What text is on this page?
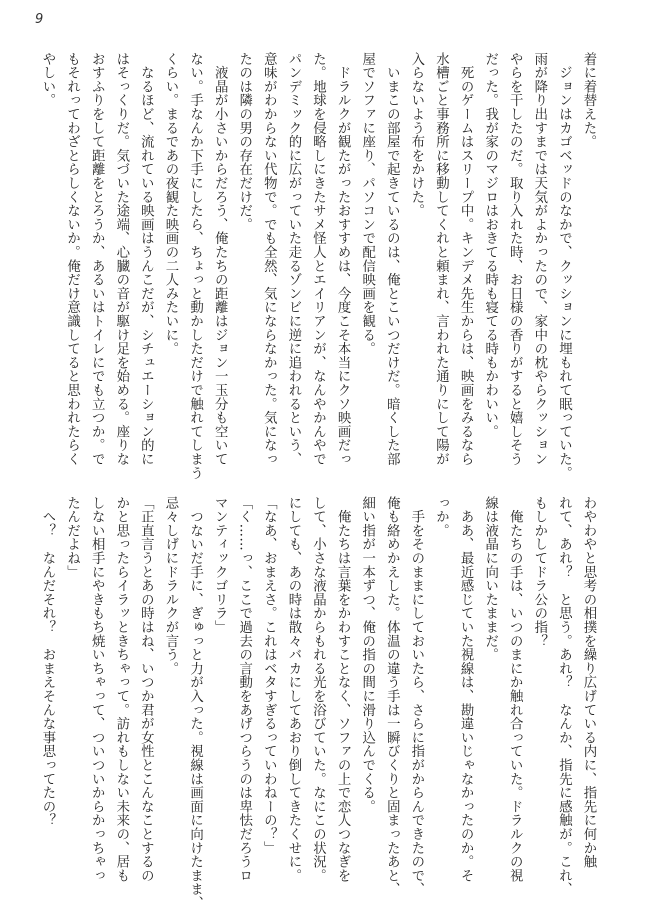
9
着に着替えた。
　ジョンはカゴベッドのなかで、クッションに埋もれて眠っていた。
雨が降り出すまでは天気がよかったので、家中の枕やらクッション
やらを干したのだ。取り入れた時、お日様の香りがすると嬉しそう
だった。我が家のマジロはおきてる時も寝てる時もかわいい。
　死のゲームはスリープ中。キンデメ先生からは、映画をみるなら
水槽ごと事務所に移動してくれと頼まれ、言われた通りにして陽が
入らないよう布をかけた。
　いまこの部屋で起きているのは、俺とこいつだけだ。暗くした部
屋でソファに座り、パソコンで配信映画を観る。
　ドラルクが観たがったおすすめは、今度こそ本当にクソ映画だっ
た。地球を侵略しにきたサメ怪人とエイリアンが、なんやかんやで
パンデミック的に広がっていた走るゾンビに逆に追われるという、
意味がわからない代物で。でも全然、気にならなかった。気になっ
たのは隣の男の存在だけだ。
　液晶が小さいからだろう、俺たちの距離はジョン一玉分も空いて
ない。手なんか下手にしたら、ちょっと動かしただけで触れてしまう
くらい。まるであの夜観た映画の二人みたいに。
　なるほど、流れている映画はうんこだが、シチュエーション的に
はそっくりだ。気づいた途端、心臓の音が駆け足を始める。座りな
おすふりをして距離をとろうか、あるいはトイレにでも立つか。で
もそれってわざとらしくないか。俺だけ意識してると思われたらく
やしい。
わやわやと思考の相撲を繰り広げている内に、指先に何か触
れて、あれ？　と思う。あれ？　なんか、指先に感触が。これ、
もしかしてドラ公の指？
　俺たちの手は、いつのまにか触れ合っていた。ドラルクの視
線は液晶に向いたままだ。
　ああ、最近感じていた視線は、勘違いじゃなかったのか。そ
っか。
　手をそのままにしておいたら、さらに指がからんできたので、
俺も絡めかえした。体温の違う手は一瞬びくりと固まったあと、
細い指が一本ずつ、俺の指の間に滑り込んでくる。
　俺たちは言葉をかわすことなく、ソファの上で恋人つなぎを
して、小さな液晶からもれる光を浴びていた。なにこの状況。
にしても、あの時は散々バカにしてあおり倒してきたくせに。
「なあ、おまえさ。これはベタすぎるっていわねーの？」
「く……っ、ここで過去の言動をあげつらうのは卑怯だろうロ
マンティックゴリラ」
　つないだ手に、ぎゅっと力が入った。視線は画面に向けたまま、
忌々しげにドラルクが言う。
「正直言うとあの時はね、いつか君が女性とこんなことするの
かと思ったらイラッときちゃって。訪れもしない未来の、居も
しない相手にやきもち焼いちゃって、ついついからかっちゃっ
たんだよね」
　へ？　なんだそれ？　おまえそんな事思ってたの？
